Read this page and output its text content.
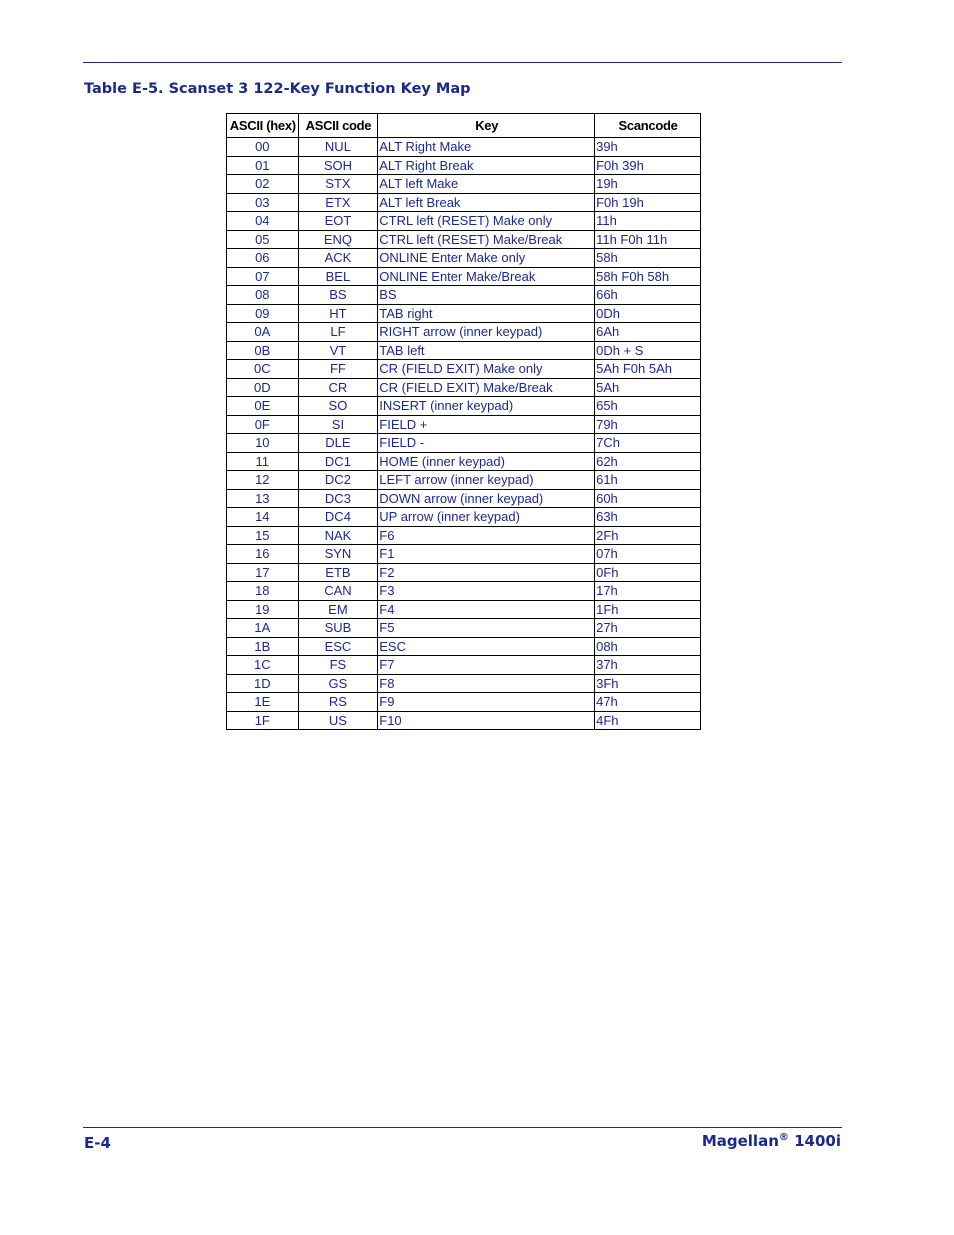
Table E-5. Scanset 3 122-Key Function Key Map
ASCII (hex)	ASCII code	Key	Scancode
00	NUL	ALT Right Make	39h
01	SOH	ALT Right Break	F0h 39h
02	STX	ALT left Make	19h
03	ETX	ALT left Break	F0h 19h
04	EOT	CTRL left (RESET) Make only	11h
05	ENQ	CTRL left (RESET) Make/Break	11h F0h 11h
06	ACK	ONLINE Enter Make only	58h
07	BEL	ONLINE Enter Make/Break	58h F0h 58h
08	BS	BS	66h
09	HT	TAB right	0Dh
0A	LF	RIGHT arrow (inner keypad)	6Ah
0B	VT	TAB left	0Dh + S
0C	FF	CR (FIELD EXIT) Make only	5Ah F0h 5Ah
0D	CR	CR (FIELD EXIT) Make/Break	5Ah
0E	SO	INSERT (inner keypad)	65h
0F	SI	FIELD +	79h
10	DLE	FIELD -	7Ch
11	DC1	HOME (inner keypad)	62h
12	DC2	LEFT arrow (inner keypad)	61h
13	DC3	DOWN arrow (inner keypad)	60h
14	DC4	UP arrow (inner keypad)	63h
15	NAK	F6	2Fh
16	SYN	F1	07h
17	ETB	F2	0Fh
18	CAN	F3	17h
19	EM	F4	1Fh
1A	SUB	F5	27h
1B	ESC	ESC	08h
1C	FS	F7	37h
1D	GS	F8	3Fh
1E	RS	F9	47h
1F	US	F10	4Fh
E-4	Magellan® 1400i
